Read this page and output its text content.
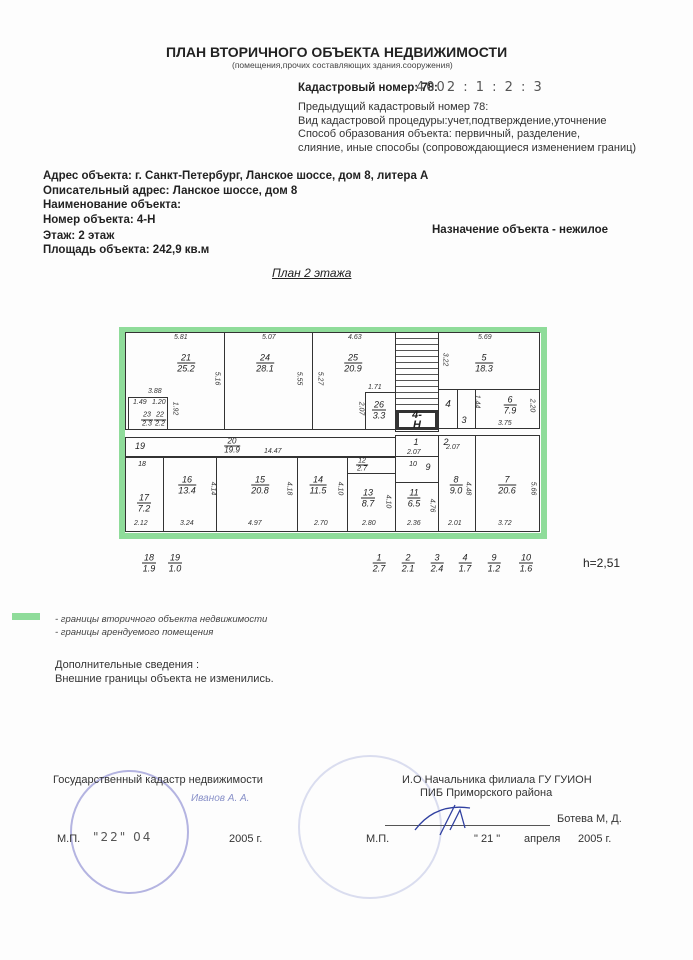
ПЛАН ВТОРИЧНОГО ОБЪЕКТА НЕДВИЖИМОСТИ
(помещения,прочих составляющих здания.сооружения)
Кадастровый номер: 78:
4002 : 1 : 2 : 3
Предыдущий кадастровый номер 78:
Вид кадастровой процедуры:учет,подтверждение,уточнение
Способ образования объекта: первичный, разделение,
слияние, иные способы (сопровождающиеся изменением границ)
Адрес объекта: г. Санкт-Петербург, Ланское шоссе, дом 8, литера А
Описательный адрес: Ланское шоссе, дом 8
Наименование объекта:
Номер объекта: 4-Н
Этаж: 2 этаж
Площадь объекта: 242,9 кв.м
Назначение объекта - нежилое
План 2 этажа
21
25.2
24
28.1
25
20.9
26
3.3
5
18.3
6
7.9
4
3
23
2.3
22
2.2
20
19.9
19
18
17
7.2
16
13.4
15
20.8
14
11.5	13
8.7
12
2.7
11
6.5
10 9
1	2
8
9.0
7
20.6
4-Н
5.81	5.07	4.63	5.69
3.88
1.49 1.20 1.92
5.16	5.55 5.27
1.71
2.07
3.22
1.44	2.20
3.75
14.47	2.07
2.07
2.12	3.24	4.97	2.70	2.80	2.36	2.01	3.72
4.14	4.18	4.10
4.10	4.76
4.48	5.66
18
1.9
19
1.0
1
2.7
2
2.1
3
2.4
4
1.7
9
1.2
10
1.6	h=2,51
- границы вторичного объекта недвижимости
- границы арендуемого помещения
Дополнительные сведения :
Внешние границы объекта не изменились.
Государственный кадастр недвижимости
Иванов А. А.
М.П. "22" 04	2005 г.
И.О Начальника филиала ГУ ГУИОН
ПИБ Приморского района
Ботева М, Д.
М.П.	" 21 " апреля 2005 г.
